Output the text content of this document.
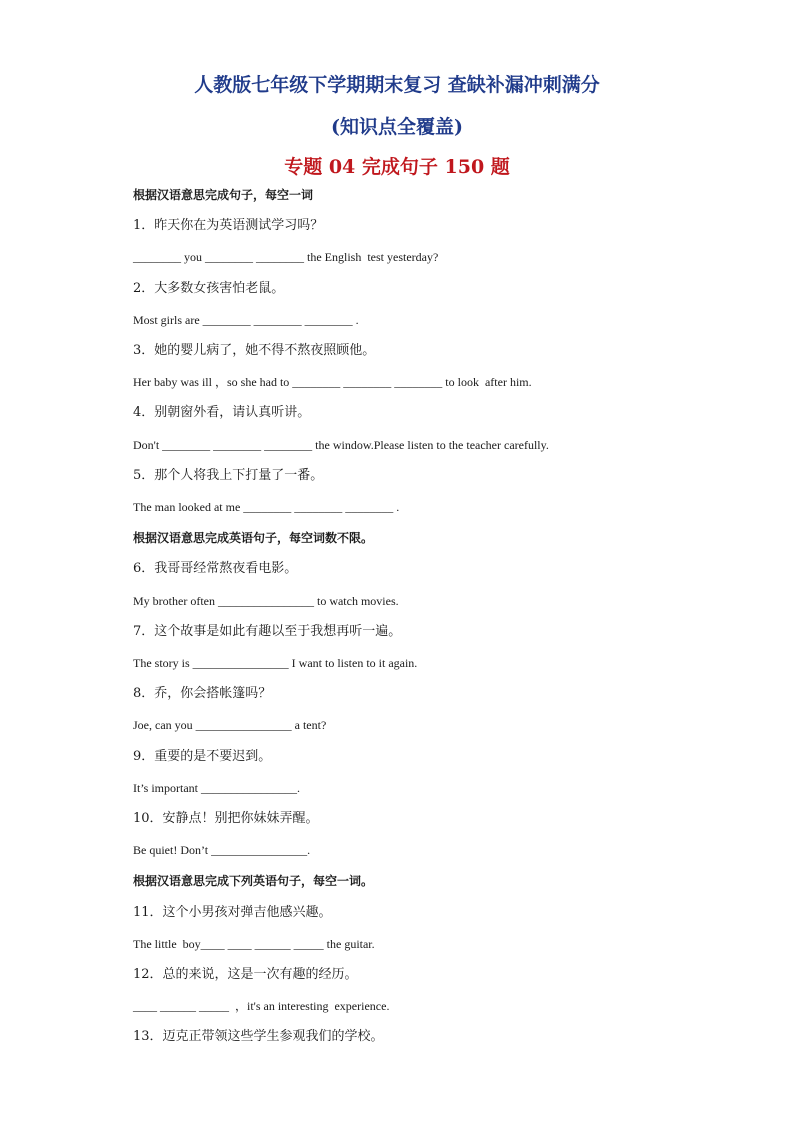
人教版七年级下学期期末复习 查缺补漏冲刺满分
(知识点全覆盖)
专题 04 完成句子 150 题
根据汉语意思完成句子，每空一词
1．昨天你在为英语测试学习吗？
________ you ________ ________ the English  test yesterday?
2．大多数女孩害怕老鼠。
Most girls are ________ ________ ________ .
3．她的婴儿病了，她不得不熬夜照顾他。
Her baby was ill ，so she had to ________ ________ ________ to look  after him.
4．别朝窗外看，请认真听讲。
Don't ________ ________ ________ the window.Please listen to the teacher carefully.
5．那个人将我上下打量了一番。
The man looked at me ________ ________ ________ .
根据汉语意思完成英语句子，每空词数不限。
6．我哥哥经常熬夜看电影。
My brother often ________________ to watch movies.
7．这个故事是如此有趣以至于我想再听一遍。
The story is ________________ I want to listen to it again.
8．乔，你会搭帐篷吗？
Joe, can you ________________ a tent?
9．重要的是不要迟到。
It’s important ________________.
10．安静点！别把你妹妹弄醒。
Be quiet! Don’t ________________.
根据汉语意思完成下列英语句子，每空一词。
11．这个小男孩对弹吉他感兴趣。
The little  boy____ ____ ______ _____ the guitar.
12．总的来说，这是一次有趣的经历。
____ ______ _____  ，it's an interesting  experience.
13．迈克正带领这些学生参观我们的学校。
